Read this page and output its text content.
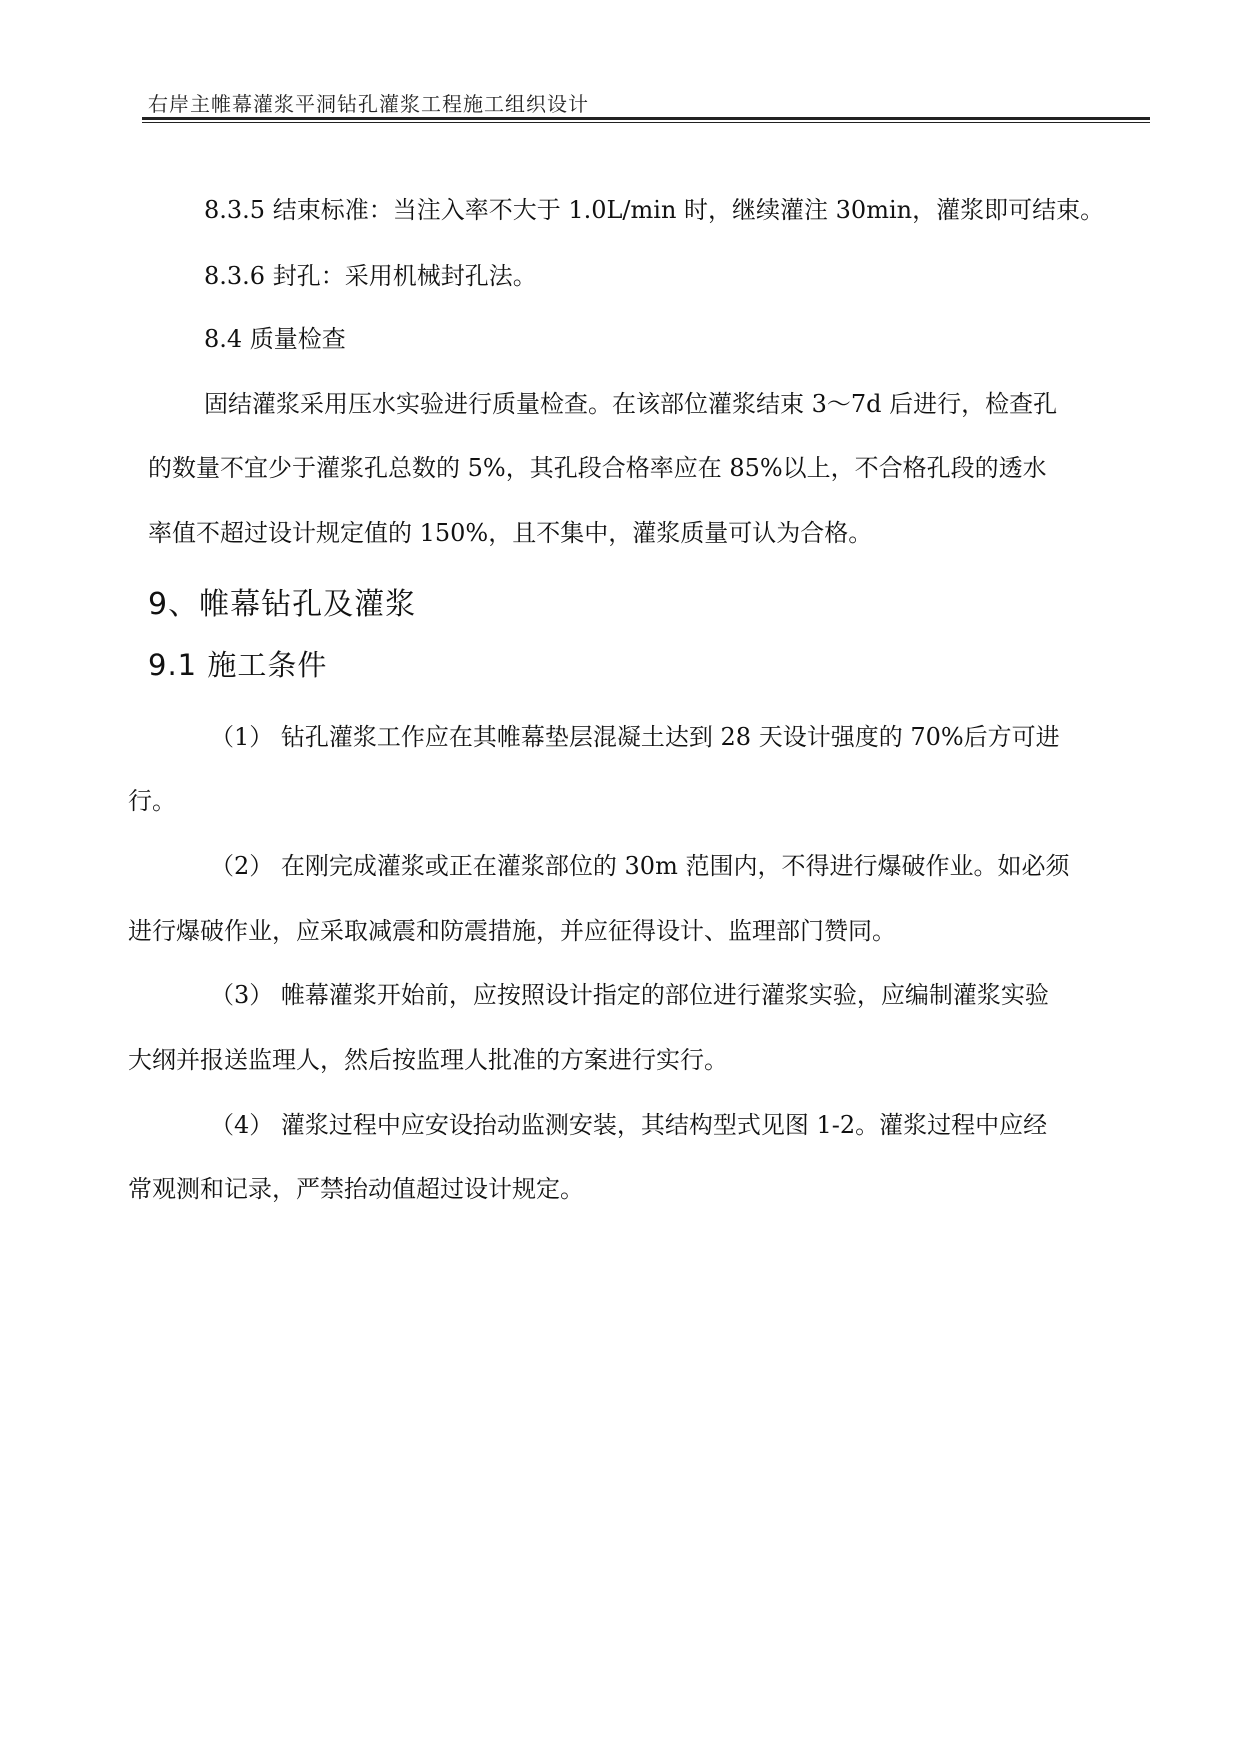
右岸主帷幕灌浆平洞钻孔灌浆工程施工组织设计
8.3.5 结束标准：当注入率不大于 1.0L/min 时，继续灌注 30min，灌浆即可结束。
8.3.6 封孔：采用机械封孔法。
8.4 质量检查
固结灌浆采用压水实验进行质量检查。在该部位灌浆结束 3～7d 后进行，检查孔
的数量不宜少于灌浆孔总数的 5%，其孔段合格率应在 85%以上，不合格孔段的透水
率值不超过设计规定值的 150%，且不集中，灌浆质量可认为合格。
9、帷幕钻孔及灌浆
9.1 施工条件
（1） 钻孔灌浆工作应在其帷幕垫层混凝土达到 28 天设计强度的 70%后方可进
行。
（2） 在刚完成灌浆或正在灌浆部位的 30m 范围内，不得进行爆破作业。如必须
进行爆破作业，应采取减震和防震措施，并应征得设计、监理部门赞同。
（3） 帷幕灌浆开始前，应按照设计指定的部位进行灌浆实验，应编制灌浆实验
大纲并报送监理人，然后按监理人批准的方案进行实行。
（4） 灌浆过程中应安设抬动监测安装，其结构型式见图 1-2。灌浆过程中应经
常观测和记录，严禁抬动值超过设计规定。
